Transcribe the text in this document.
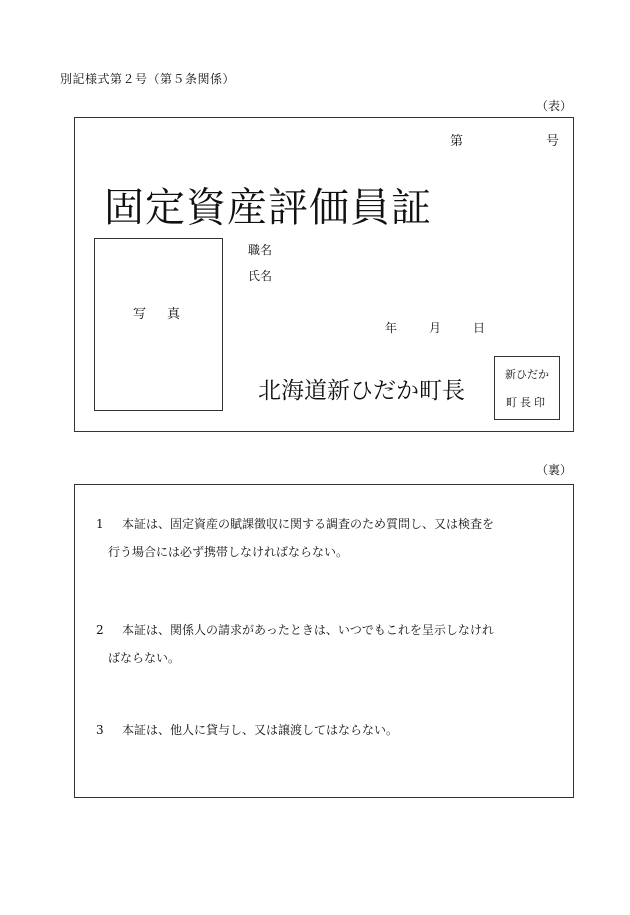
別記様式第２号（第５条関係）
（表）
第	号
固定資産評価員証
写　真
職名
氏名
年	月	日
北海道新ひだか町長
新ひだか
町長印
（裏）
1 本証は、固定資産の賦課徴収に関する調査のため質問し、又は検査を
行う場合には必ず携帯しなければならない。
2 本証は、関係人の請求があったときは、いつでもこれを呈示しなけれ
ばならない。
3 本証は、他人に貸与し、又は譲渡してはならない。
